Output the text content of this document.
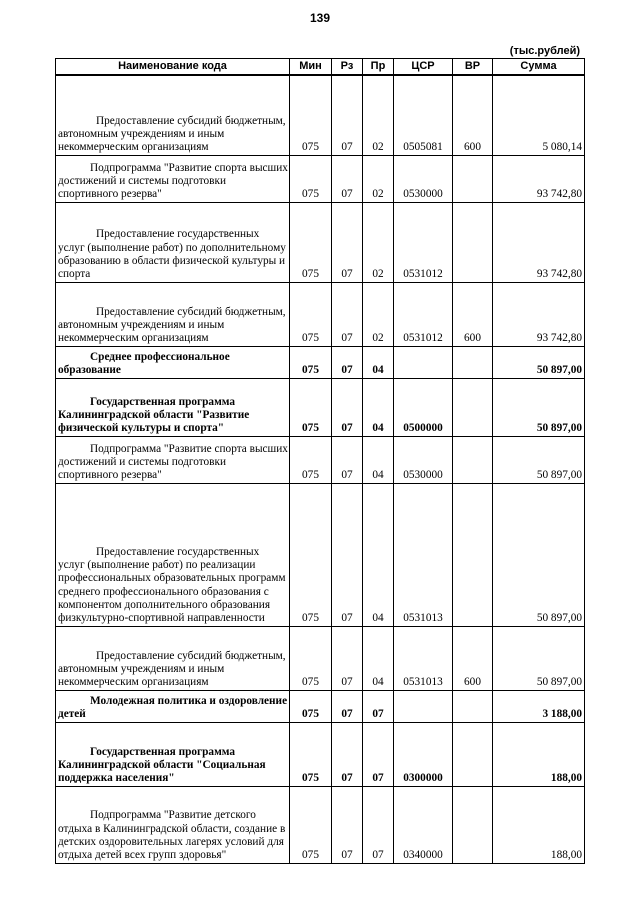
139
(тыс.рублей)
Наименование кода	Мин	Рз	Пр	ЦСР	ВР	Сумма
Предоставление субсидий бюджетным, автономным учреждениям и иным некоммерческим организациям	075	07	02	0505081	600	5 080,14
Подпрограмма "Развитие спорта высших достижений и системы подготовки спортивного резерва"	075	07	02	0530000		93 742,80
Предоставление государственных услуг (выполнение работ) по дополнительному образованию в области физической культуры и спорта	075	07	02	0531012		93 742,80
Предоставление субсидий бюджетным, автономным учреждениям и иным некоммерческим организациям	075	07	02	0531012	600	93 742,80
Среднее профессиональное образование	075	07	04			50 897,00
Государственная программа Калининградской области "Развитие физической культуры и спорта"	075	07	04	0500000		50 897,00
Подпрограмма "Развитие спорта высших достижений и системы подготовки спортивного резерва"	075	07	04	0530000		50 897,00
Предоставление государственных услуг (выполнение работ) по реализации профессиональных образовательных программ среднего профессионального образования с компонентом дополнительного образования физкультурно-спортивной направленности	075	07	04	0531013		50 897,00
Предоставление субсидий бюджетным, автономным учреждениям и иным некоммерческим организациям	075	07	04	0531013	600	50 897,00
Молодежная политика и оздоровление детей	075	07	07			3 188,00
Государственная программа Калининградской области "Социальная поддержка населения"	075	07	07	0300000		188,00
Подпрограмма "Развитие детского отдыха в Калининградской области, создание в детских оздоровительных лагерях условий для отдыха детей всех групп здоровья"	075	07	07	0340000		188,00
